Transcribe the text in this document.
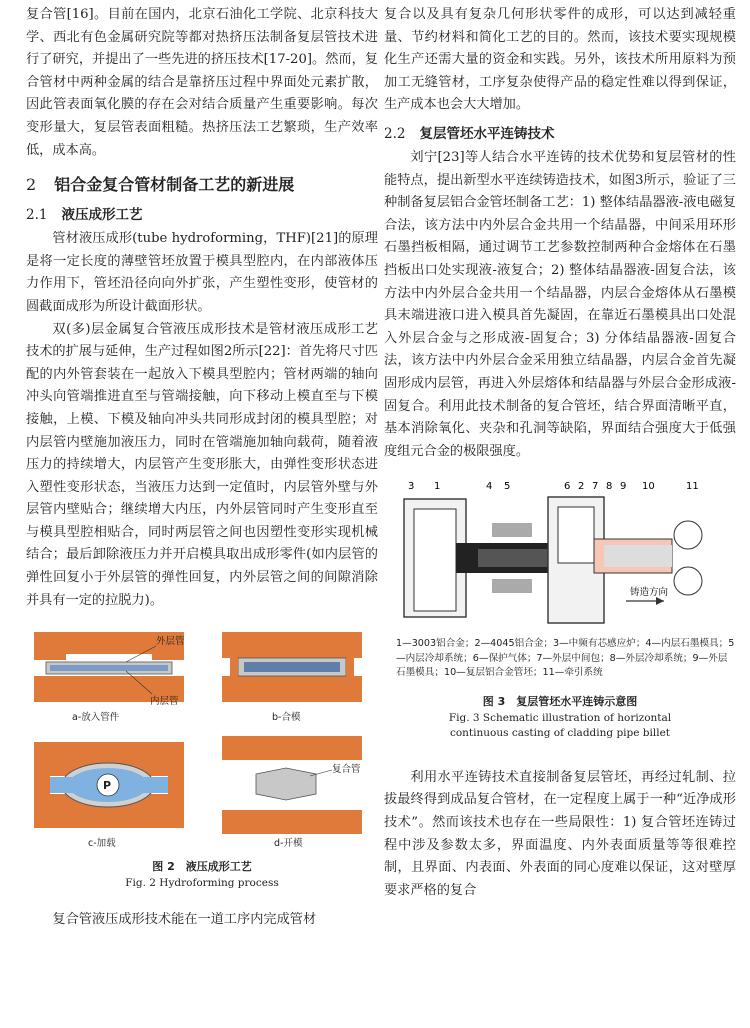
复合管[16]。目前在国内，北京石油化工学院、北京科技大学、西北有色金属研究院等都对热挤压法制备复层管技术进行了研究，并提出了一些先进的挤压技术[17-20]。然而，复合管材中两种金属的结合是靠挤压过程中界面处元素扩散，因此管表面氧化膜的存在会对结合质量产生重要影响。每次变形量大，复层管表面粗糙。热挤压法工艺繁琐，生产效率低，成本高。

2 铝合金复合管材制备工艺的新进展
2.1 液压成形工艺

管材液压成形(tube hydroforming，THF)[21]的原理是将一定长度的薄壁管坯放置于模具型腔内，在内部液体压力作用下，管坯沿径向向外扩张，产生塑性变形，使管材的圆截面成形为所设计截面形状。

双(多)层金属复合管液压成形技术是管材液压成形工艺技术的扩展与延伸，生产过程如图2所示[22]：首先将尺寸匹配的内外管套装在一起放入下模具型腔内；管材两端的轴向冲头向管端推进直至与管端接触，向下移动上模直至与下模接触，上模、下模及轴向冲头共同形成封闭的模具型腔；对内层管内壁施加液压力，同时在管端施加轴向载荷，随着液压力的持续增大，内层管产生变形胀大，由弹性变形状态进入塑性变形状态，当液压力达到一定值时，内层管外壁与外层管内壁贴合；继续增大内压，内外层管同时产生变形直至与模具型腔相贴合，同时两层管之间也因塑性变形实现机械结合；最后卸除液压力并开启模具取出成形零件(如内层管的弹性回复小于外层管的弹性回复，内外层管之间的间隙消除并具有一定的拉脱力)。

外层管
内层管
a-放入管件	b-合模
P
c-加载
复合管
d-开模

图 2　液压成形工艺

Fig. 2 Hydroforming process

复合管液压成形技术能在一道工序内完成管材

复合以及具有复杂几何形状零件的成形，可以达到减轻重量、节约材料和简化工艺的目的。然而，该技术要实现规模化生产还需大量的资金和实践。另外，该技术所用原料为预加工无缝管材，工序复杂使得产品的稳定性难以得到保证，生产成本也会大大增加。

2.2 复层管坯水平连铸技术

刘宁[23]等人结合水平连铸的技术优势和复层管材的性能特点，提出新型水平连续铸造技术，如图3所示，验证了三种制备复层铝合金管坯制备工艺：1) 整体结晶器液-液电磁复合法，该方法中内外层合金共用一个结晶器，中间采用环形石墨挡板相隔，通过调节工艺参数控制两种合金熔体在石墨挡板出口处实现液-液复合；2) 整体结晶器液-固复合法，该方法中内外层合金共用一个结晶器，内层合金熔体从石墨模具末端进液口进入模具首先凝固，在靠近石墨模具出口处混入外层合金与之形成液-固复合；3) 分体结晶器液-固复合法，该方法中内外层合金采用独立结晶器，内层合金首先凝固形成内层管，再进入外层熔体和结晶器与外层合金形成液-固复合。利用此技术制备的复合管坯，结合界面清晰平直，基本消除氧化、夹杂和孔洞等缺陷，界面结合强度大于低强度组元合金的极限强度。

1
3	4 5	6 2 7 8 9 10	11
铸造方向

1—3003铝合金；2—4045铝合金；3—中频有芯感应炉；4—内层石墨模具；5—内层冷却系统；6—保护气体；7—外层中间包；8—外层冷却系统；9—外层石墨模具；10—复层铝合金管坯；11—牵引系统

图 3　复层管坯水平连铸示意图

Fig. 3 Schematic illustration of horizontal continuous casting of cladding pipe billet

利用水平连铸技术直接制备复层管坯，再经过轧制、拉拔最终得到成品复合管材，在一定程度上属于一种“近净成形技术”。然而该技术也存在一些局限性：1) 复合管坯连铸过程中涉及参数太多，界面温度、内外表面质量等等很难控制，且界面、内表面、外表面的同心度难以保证，这对壁厚要求严格的复合
